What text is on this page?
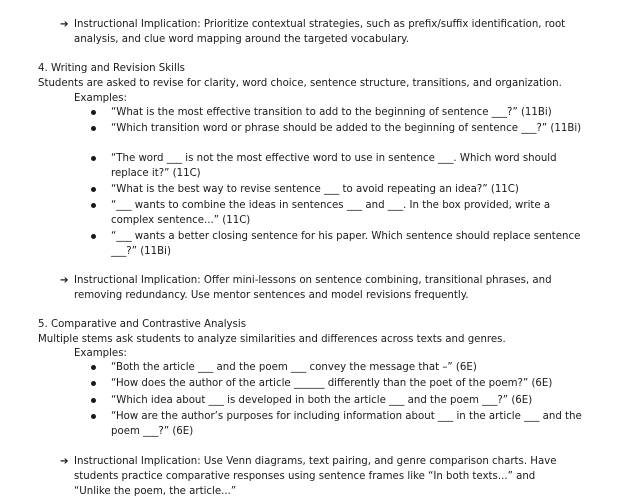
➔ Instructional Implication: Prioritize contextual strategies, such as prefix/suffix identification, root
analysis, and clue word mapping around the targeted vocabulary.
4. Writing and Revision Skills
Students are asked to revise for clarity, word choice, sentence structure, transitions, and organization.
Examples:
“What is the most effective transition to add to the beginning of sentence ___?” (11Bi)
“Which transition word or phrase should be added to the beginning of sentence ___?” (11Bi)
“The word ___ is not the most effective word to use in sentence ___. Which word should replace it?” (11C)
“What is the best way to revise sentence ___ to avoid repeating an idea?” (11C)
“___ wants to combine the ideas in sentences ___ and ___. In the box provided, write a complex sentence...” (11C)
“___ wants a better closing sentence for his paper. Which sentence should replace sentence ___?” (11Bi)
➔ Instructional Implication: Offer mini-lessons on sentence combining, transitional phrases, and
removing redundancy. Use mentor sentences and model revisions frequently.
5. Comparative and Contrastive Analysis
Multiple stems ask students to analyze similarities and differences across texts and genres.
Examples:
“Both the article ___ and the poem ___ convey the message that –” (6E)
“How does the author of the article ______ differently than the poet of the poem?” (6E)
“Which idea about ___ is developed in both the article ___ and the poem ___?” (6E)
“How are the author’s purposes for including information about ___ in the article ___ and the poem ___?” (6E)
➔ Instructional Implication: Use Venn diagrams, text pairing, and genre comparison charts. Have
students practice comparative responses using sentence frames like “In both texts...” and
“Unlike the poem, the article...”
